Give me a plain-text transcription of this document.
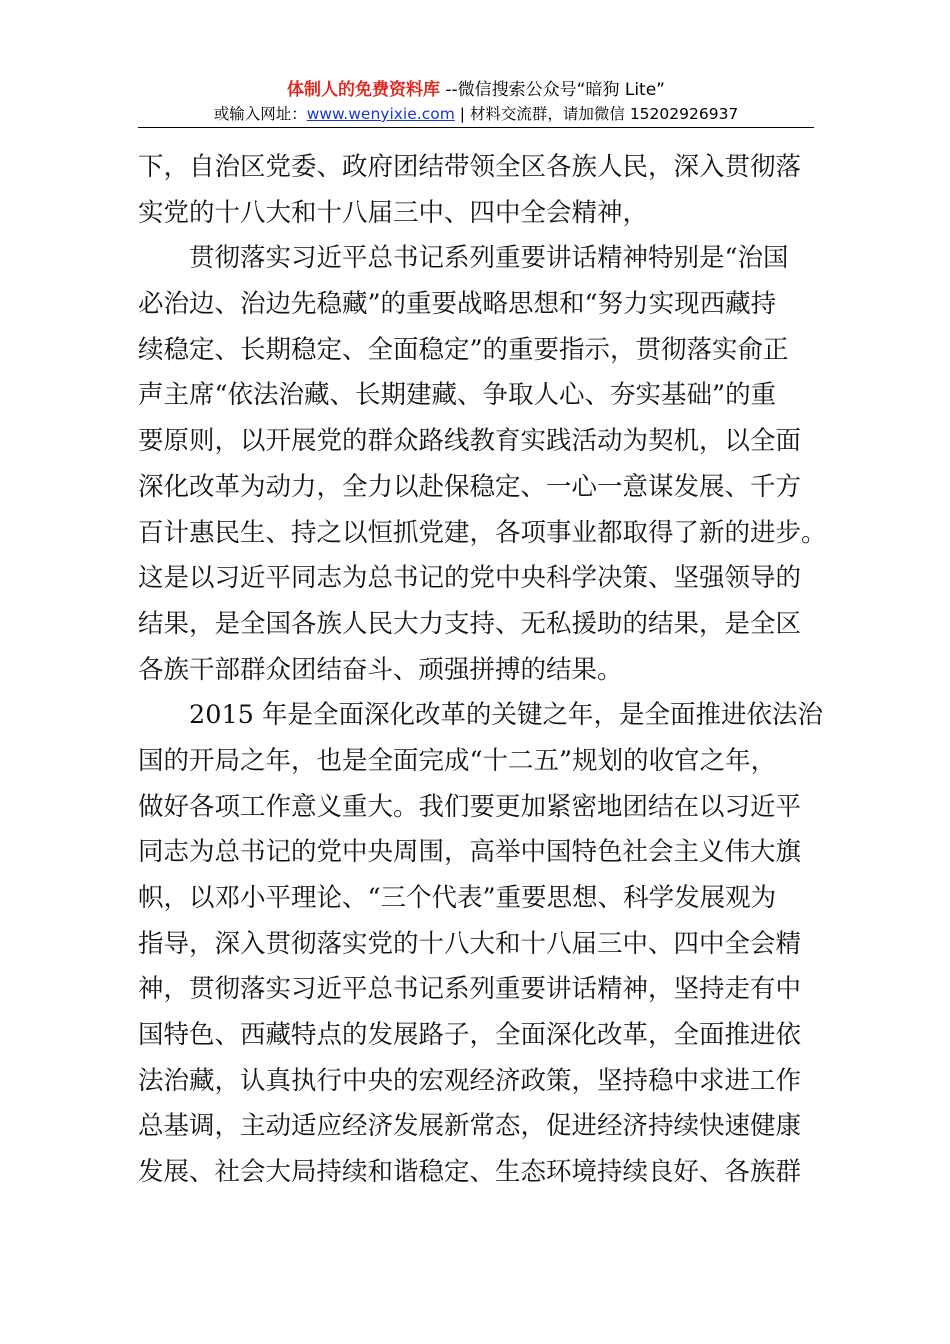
体制人的免费资料库 --微信搜索公众号“暗狗 Lite”
或输入网址：www.wenyixie.com | 材料交流群，请加微信 15202926937
下，自治区党委、政府团结带领全区各族人民，深入贯彻落
实党的十八大和十八届三中、四中全会精神，
贯彻落实习近平总书记系列重要讲话精神特别是“治国
必治边、治边先稳藏”的重要战略思想和“努力实现西藏持
续稳定、长期稳定、全面稳定”的重要指示，贯彻落实俞正
声主席“依法治藏、长期建藏、争取人心、夯实基础”的重
要原则，以开展党的群众路线教育实践活动为契机，以全面
深化改革为动力，全力以赴保稳定、一心一意谋发展、千方
百计惠民生、持之以恒抓党建，各项事业都取得了新的进步。
这是以习近平同志为总书记的党中央科学决策、坚强领导的
结果，是全国各族人民大力支持、无私援助的结果，是全区
各族干部群众团结奋斗、顽强拼搏的结果。
2015 年是全面深化改革的关键之年，是全面推进依法治
国的开局之年，也是全面完成“十二五”规划的收官之年，
做好各项工作意义重大。我们要更加紧密地团结在以习近平
同志为总书记的党中央周围，高举中国特色社会主义伟大旗
帜，以邓小平理论、“三个代表”重要思想、科学发展观为
指导，深入贯彻落实党的十八大和十八届三中、四中全会精
神，贯彻落实习近平总书记系列重要讲话精神，坚持走有中
国特色、西藏特点的发展路子，全面深化改革，全面推进依
法治藏，认真执行中央的宏观经济政策，坚持稳中求进工作
总基调，主动适应经济发展新常态，促进经济持续快速健康
发展、社会大局持续和谐稳定、生态环境持续良好、各族群
